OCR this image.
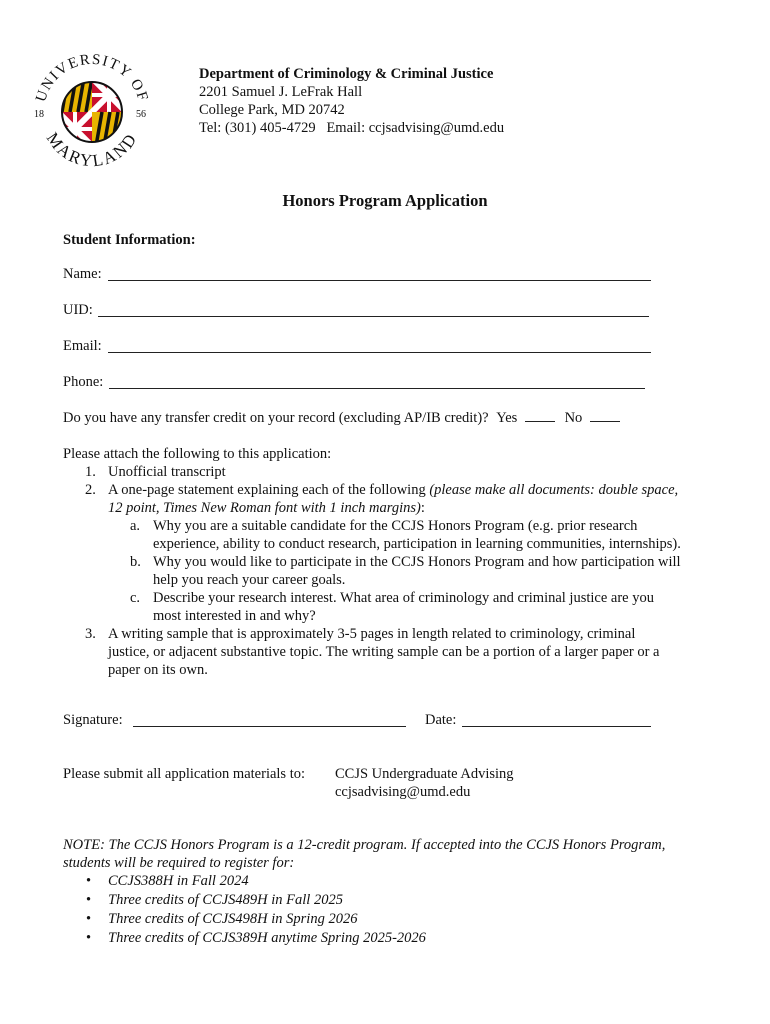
UNIVERSITY OF
MARYLAND
18	56
Department of Criminology & Criminal Justice
2201 Samuel J. LeFrak Hall
College Park, MD 20742
Tel: (301) 405-4729   Email: ccjsadvising@umd.edu
Honors Program Application
Student Information:
Name:
UID:
Email:
Phone:
Do you have any transfer credit on your record (excluding AP/IB credit)? Yes	No
Please attach the following to this application:
1. Unofficial transcript
2. A one-page statement explaining each of the following (please make all documents: double space,
12 point, Times New Roman font with 1 inch margins):
a. Why you are a suitable candidate for the CCJS Honors Program (e.g. prior research
experience, ability to conduct research, participation in learning communities, internships).
b. Why you would like to participate in the CCJS Honors Program and how participation will
help you reach your career goals.
c. Describe your research interest. What area of criminology and criminal justice are you
most interested in and why?
3. A writing sample that is approximately 3-5 pages in length related to criminology, criminal
justice, or adjacent substantive topic. The writing sample can be a portion of a larger paper or a
paper on its own.
Signature:	Date:
Please submit all application materials to: CCJS Undergraduate Advising
ccjsadvising@umd.edu
NOTE: The CCJS Honors Program is a 12-credit program. If accepted into the CCJS Honors Program,
students will be required to register for:
• CCJS388H in Fall 2024
• Three credits of CCJS489H in Fall 2025
• Three credits of CCJS498H in Spring 2026
• Three credits of CCJS389H anytime Spring 2025-2026
